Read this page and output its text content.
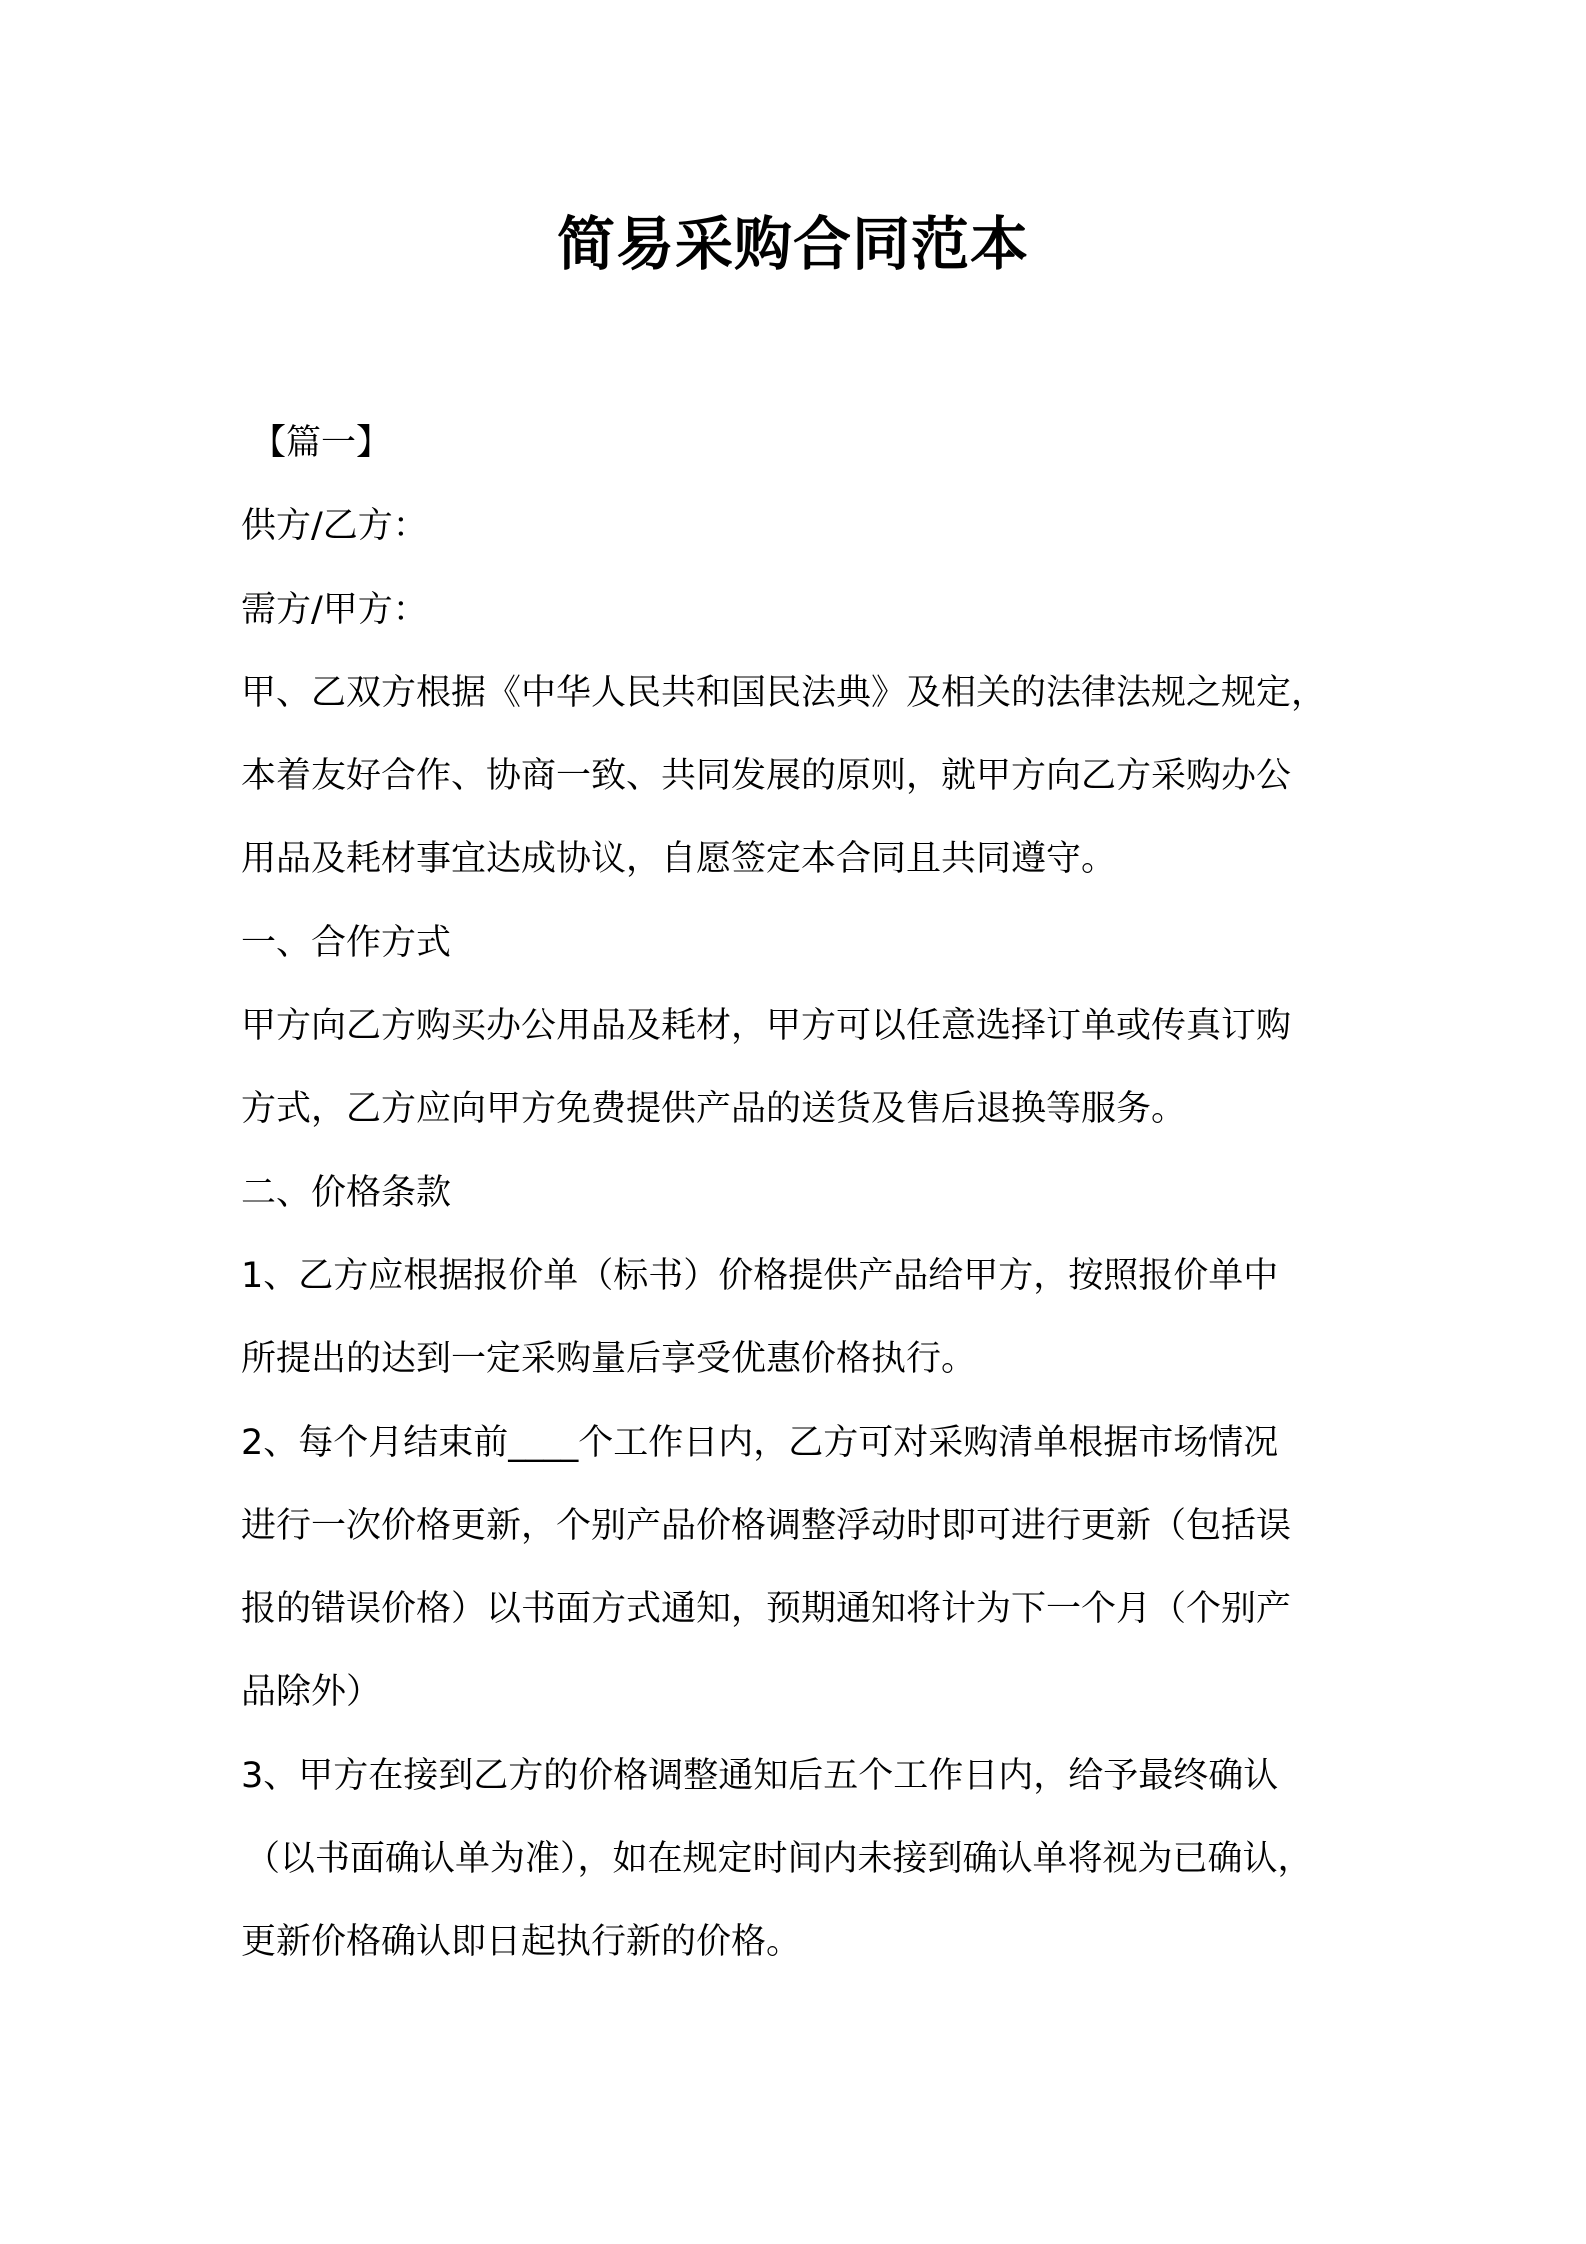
简易采购合同范本
【篇一】
供方/乙方：
需方/甲方：
甲、乙双方根据《中华人民共和国民法典》及相关的法律法规之规定，
本着友好合作、协商一致、共同发展的原则，就甲方向乙方采购办公
用品及耗材事宜达成协议，自愿签定本合同且共同遵守。
一、合作方式
甲方向乙方购买办公用品及耗材，甲方可以任意选择订单或传真订购
方式，乙方应向甲方免费提供产品的送货及售后退换等服务。
二、价格条款
1、乙方应根据报价单（标书）价格提供产品给甲方，按照报价单中
所提出的达到一定采购量后享受优惠价格执行。
2、每个月结束前____个工作日内，乙方可对采购清单根据市场情况
进行一次价格更新，个别产品价格调整浮动时即可进行更新（包括误
报的错误价格）以书面方式通知，预期通知将计为下一个月（个别产
品除外）
3、甲方在接到乙方的价格调整通知后五个工作日内，给予最终确认
（以书面确认单为准），如在规定时间内未接到确认单将视为已确认，
更新价格确认即日起执行新的价格。
